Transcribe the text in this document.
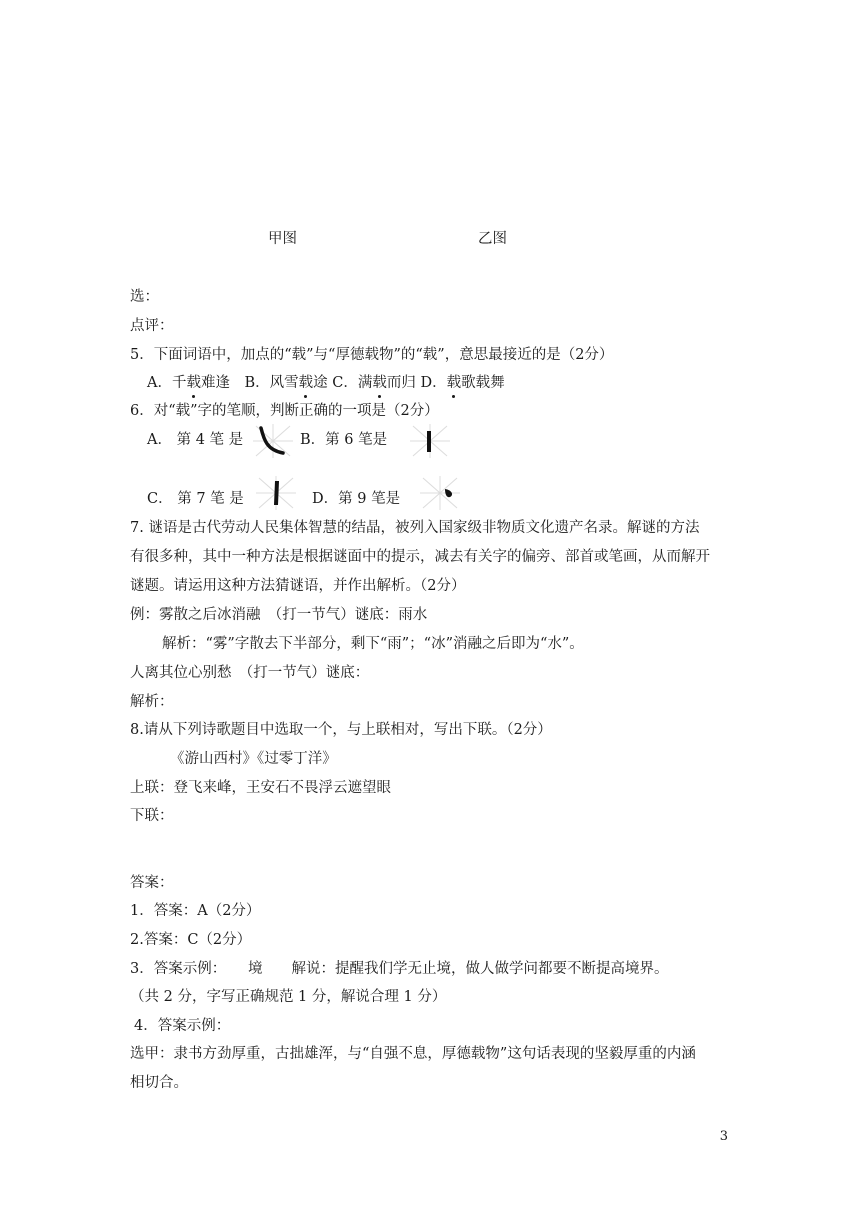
甲图	乙图
选：
点评：
5．下面词语中，加点的“载”与“厚德载物”的“载”，意思最接近的是（2分）
A．千载难逢　B．风雪载途 C．满载而归 D．载歌载舞
6．对“载”字的笔顺，判断正确的一项是（2分）
A． 第 4 笔 是	B．第 6 笔是
C． 第 7 笔 是	D．第 9 笔是
7. 谜语是古代劳动人民集体智慧的结晶，被列入国家级非物质文化遗产名录。解谜的方法
有很多种，其中一种方法是根据谜面中的提示，减去有关字的偏旁、部首或笔画，从而解开
谜题。请运用这种方法猜谜语，并作出解析。（2分）
例：雾散之后冰消融　（打一节气）谜底：雨水
解析：“雾”字散去下半部分，剩下“雨”；“冰”消融之后即为“水”。
人离其位心别愁　（打一节气）谜底：
解析：
8.请从下列诗歌题目中选取一个，与上联相对，写出下联。（2分）
《游山西村》《过零丁洋》
上联：登飞来峰，王安石不畏浮云遮望眼
下联：
答案：
1．答案：A（2分）
2.答案：C（2分）
3．答案示例：　　境　　解说：提醒我们学无止境，做人做学问都要不断提高境界。
（共 2 分，字写正确规范 1 分，解说合理 1 分）
4．答案示例：
选甲：隶书方劲厚重，古拙雄浑，与“自强不息，厚德载物”这句话表现的坚毅厚重的内涵
相切合。
3
